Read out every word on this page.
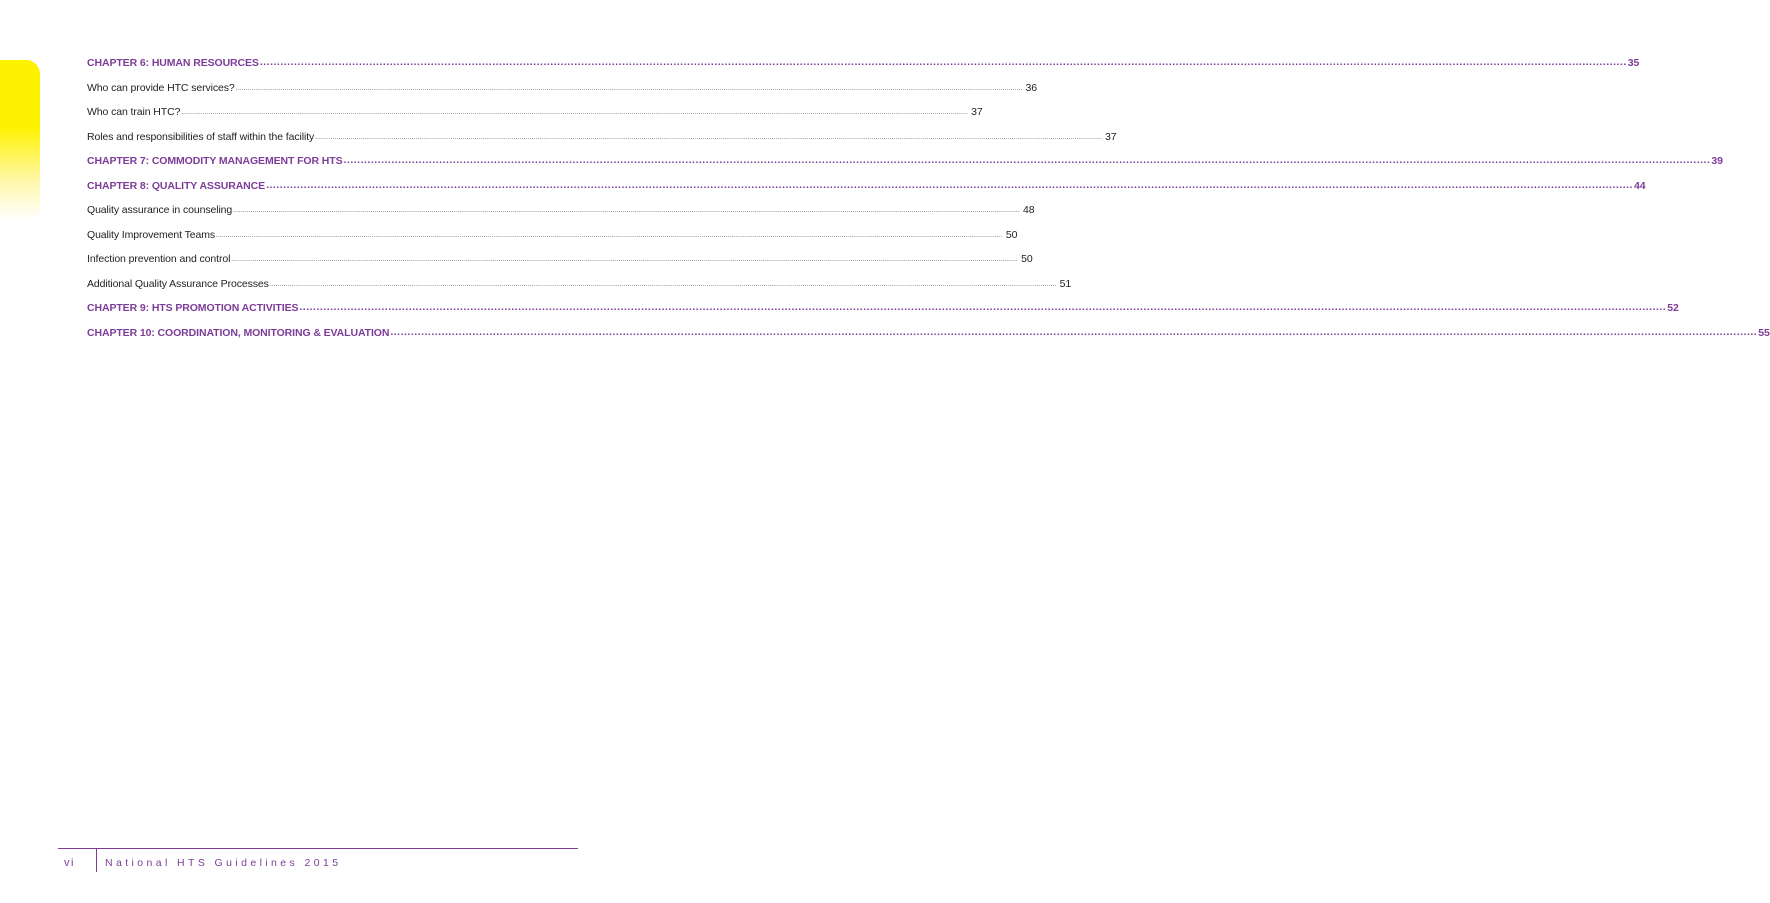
CHAPTER 6: HUMAN RESOURCES ................................................................................................................................................................................................................................................................................................................................................................................................................ 35
Who can provide HTC services? ................................................................................................................................................................................................................................................................................................................................................................................................................ 36
Who can train HTC? ................................................................................................................................................................................................................................................................................................................................................................................................................ 37
Roles and responsibilities of staff within the facility ................................................................................................................................................................................................................................................................................................................................................................................................................ 37
CHAPTER 7: COMMODITY MANAGEMENT FOR HTS ................................................................................................................................................................................................................................................................................................................................................................................................................ 39
CHAPTER 8: QUALITY ASSURANCE ................................................................................................................................................................................................................................................................................................................................................................................................................ 44
Quality assurance in counseling ................................................................................................................................................................................................................................................................................................................................................................................................................ 48
Quality Improvement Teams ................................................................................................................................................................................................................................................................................................................................................................................................................ 50
Infection prevention and control ................................................................................................................................................................................................................................................................................................................................................................................................................ 50
Additional Quality Assurance Processes ................................................................................................................................................................................................................................................................................................................................................................................................................ 51
CHAPTER 9: HTS PROMOTION ACTIVITIES ................................................................................................................................................................................................................................................................................................................................................................................................................ 52
CHAPTER 10: COORDINATION, MONITORING & EVALUATION ................................................................................................................................................................................................................................................................................................................................................................................................................ 55
vi	National HTS Guidelines 2015
